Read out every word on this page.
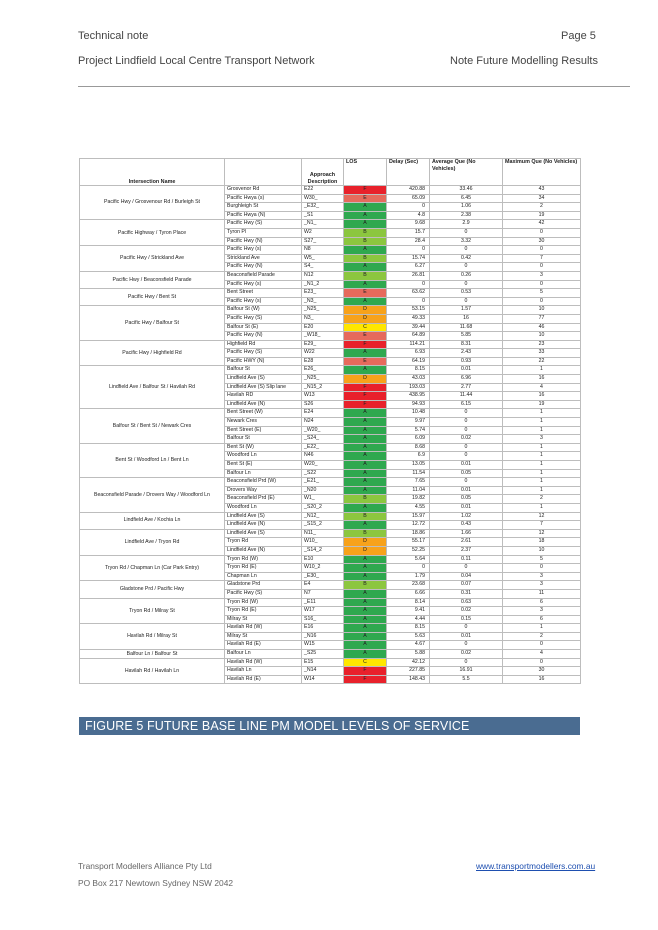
Technical note	Page 5
Project Lindfield Local Centre Transport Network	Note Future Modelling Results
Intersection Name		Approach Description	LOS	Delay (Sec)	Average Que (No Vehicles)	Maximum Que (No Vehicles)
Pacific Hwy / Grosvenour Rd / Burleigh St	Grosvenor Rd	E22	F	420.88	33.46	43
	Pacific Hwya (s)	W30_	E	65.09	6.45	34
	Burghleigh St	_E32_	A	0	1.06	2
	Pacific Hwya (N)	_S1	A	4.8	2.38	19
Pacific Highway / Tyron Place	Pacific Hwy (S)	_N1_	A	9.68	2.9	42
	Tyron Pl	W2	B	15.7	0	0
	Pacific Hwy (N)	S27_	B	28.4	3.32	30
Pacific Hwy / Strickland Ave	Pacific Hwy (s)	N8	A	0	0	0
	Strickland Ave	W5_	B	15.74	0.42	7
	Pacific Hwy (N)	S4_	A	6.27	0	0
Pacific Hwy / Beaconsfield Parade	Beaconsfield Parade	N12	B	26.81	0.26	3
	Pacific Hwy (s)	_N1_2	A	0	0	0
Pacific Hwy / Bent St	Bent Street	E23_	E	63.62	0.53	5
	Pacific Hwy (s)	_N3_	A	0	0	0
Pacific Hwy / Balfour St	Balfour St (W)	_N25_	D	53.15	1.57	10
	Pacific Hwy (S)	N3_	D	49.33	16	77
	Balfour St (E)	E20	C	39.44	11.68	46
	Pacific Hwy (N)	_W18_	E	64.89	5.85	10
Pacific Hwy / Highfield Rd	Highfield Rd	E29_	F	114.21	8.31	23
	Pacific Hwy (S)	W22	A	6.93	2.43	33
	Pacific HWY (N)	E28	E	64.19	0.93	22
Lindfield Ave / Balfour St / Havilah Rd	Balfour St	E26_	A	8.15	0.01	1
	Lindfield Ave (S)	_N25_	D	43.03	6.96	16
	Lindfield Ave (S) Slip lane	_N15_2	F	193.03	2.77	4
	Havilah RD	W13	F	438.95	11.44	16
	Lindfield Ave (N)	S26	F	94.93	6.15	19
Balfour St / Bent St / Newark Cres	Bent Street (W)	E24	A	10.48	0	1
	Newark Cres	N24	A	9.97	0	1
	Bent Street (E)	_W20_	A	5.74	0	1
	Balfour St	_S24_	A	6.09	0.02	3
Bent St / Woodford Ln / Bent Ln	Bent St (W)	_E22_	A	8.68	0	1
	Woodford Ln	N46	A	6.9	0	1
	Bent St (E)	W20_	A	13.05	0.01	1
	Balfour Ln	_S22	A	11.54	0.05	1
Beaconsfield Parade / Drovers Way / Woodford Ln	Beaconsfield Prd (W)	_E21_	A	7.65	0	1
	Drovers Way	_N20	A	11.04	0.01	1
	Beaconsfield Prd (E)	W1_	B	19.82	0.05	2
	Woodford Ln	_S20_2	A	4.55	0.01	1
Lindfield Ave / Kochia Ln	Lindfield Ave (S)	_N12_	B	15.97	1.02	12
	Lindfield Ave (N)	_S15_2	A	12.72	0.43	7
Lindfield Ave / Tryon Rd	Lindfield Ave (S)	N11_	B	18.86	1.66	12
	Tryon Rd	W10_	D	55.17	2.61	18
	Lindfield Ave (N)	_S14_2	D	52.25	2.37	10
Tryon Rd / Chapman Ln (Car Park Entry)	Tryon Rd (W)	E10	A	5.64	0.11	5
	Tryon Rd (E)	W10_2	A	0	0	0
	Chapman Ln	_E30_	A	1.79	0.04	3
Gladstone Prd / Pacific Hwy	Gladstone Prd	E4	B	23.68	0.07	3
	Pacific Hwy (S)	N7	A	6.66	0.31	11
Tryon Rd / Milray St	Tryon Rd (W)	_E11	A	8.14	0.63	6
	Tryon Rd (E)	W17	A	9.41	0.02	3
	Milray St	S16_	A	4.44	0.15	6
Havilah Rd / Milray St	Havilah Rd (W)	E16	A	8.15	0	1
	Milray St	_N16	A	5.63	0.01	2
	Havilah Rd (E)	W15	A	4.67	0	0
Balfour Ln / Balfour St	Balfour Ln	_S25	A	5.88	0.02	4
Havilah Rd / Havilah Ln	Havilah Rd (W)	E15	C	42.12	0	0
	Havilah Ln	_N14	F	227.85	16.91	30
	Havilah Rd (E)	W14	F	148.43	5.5	16
FIGURE 5 FUTURE BASE LINE PM MODEL LEVELS OF SERVICE
Transport Modellers Alliance Pty Ltd
PO Box 217 Newtown Sydney NSW 2042
www.transportmodellers.com.au
